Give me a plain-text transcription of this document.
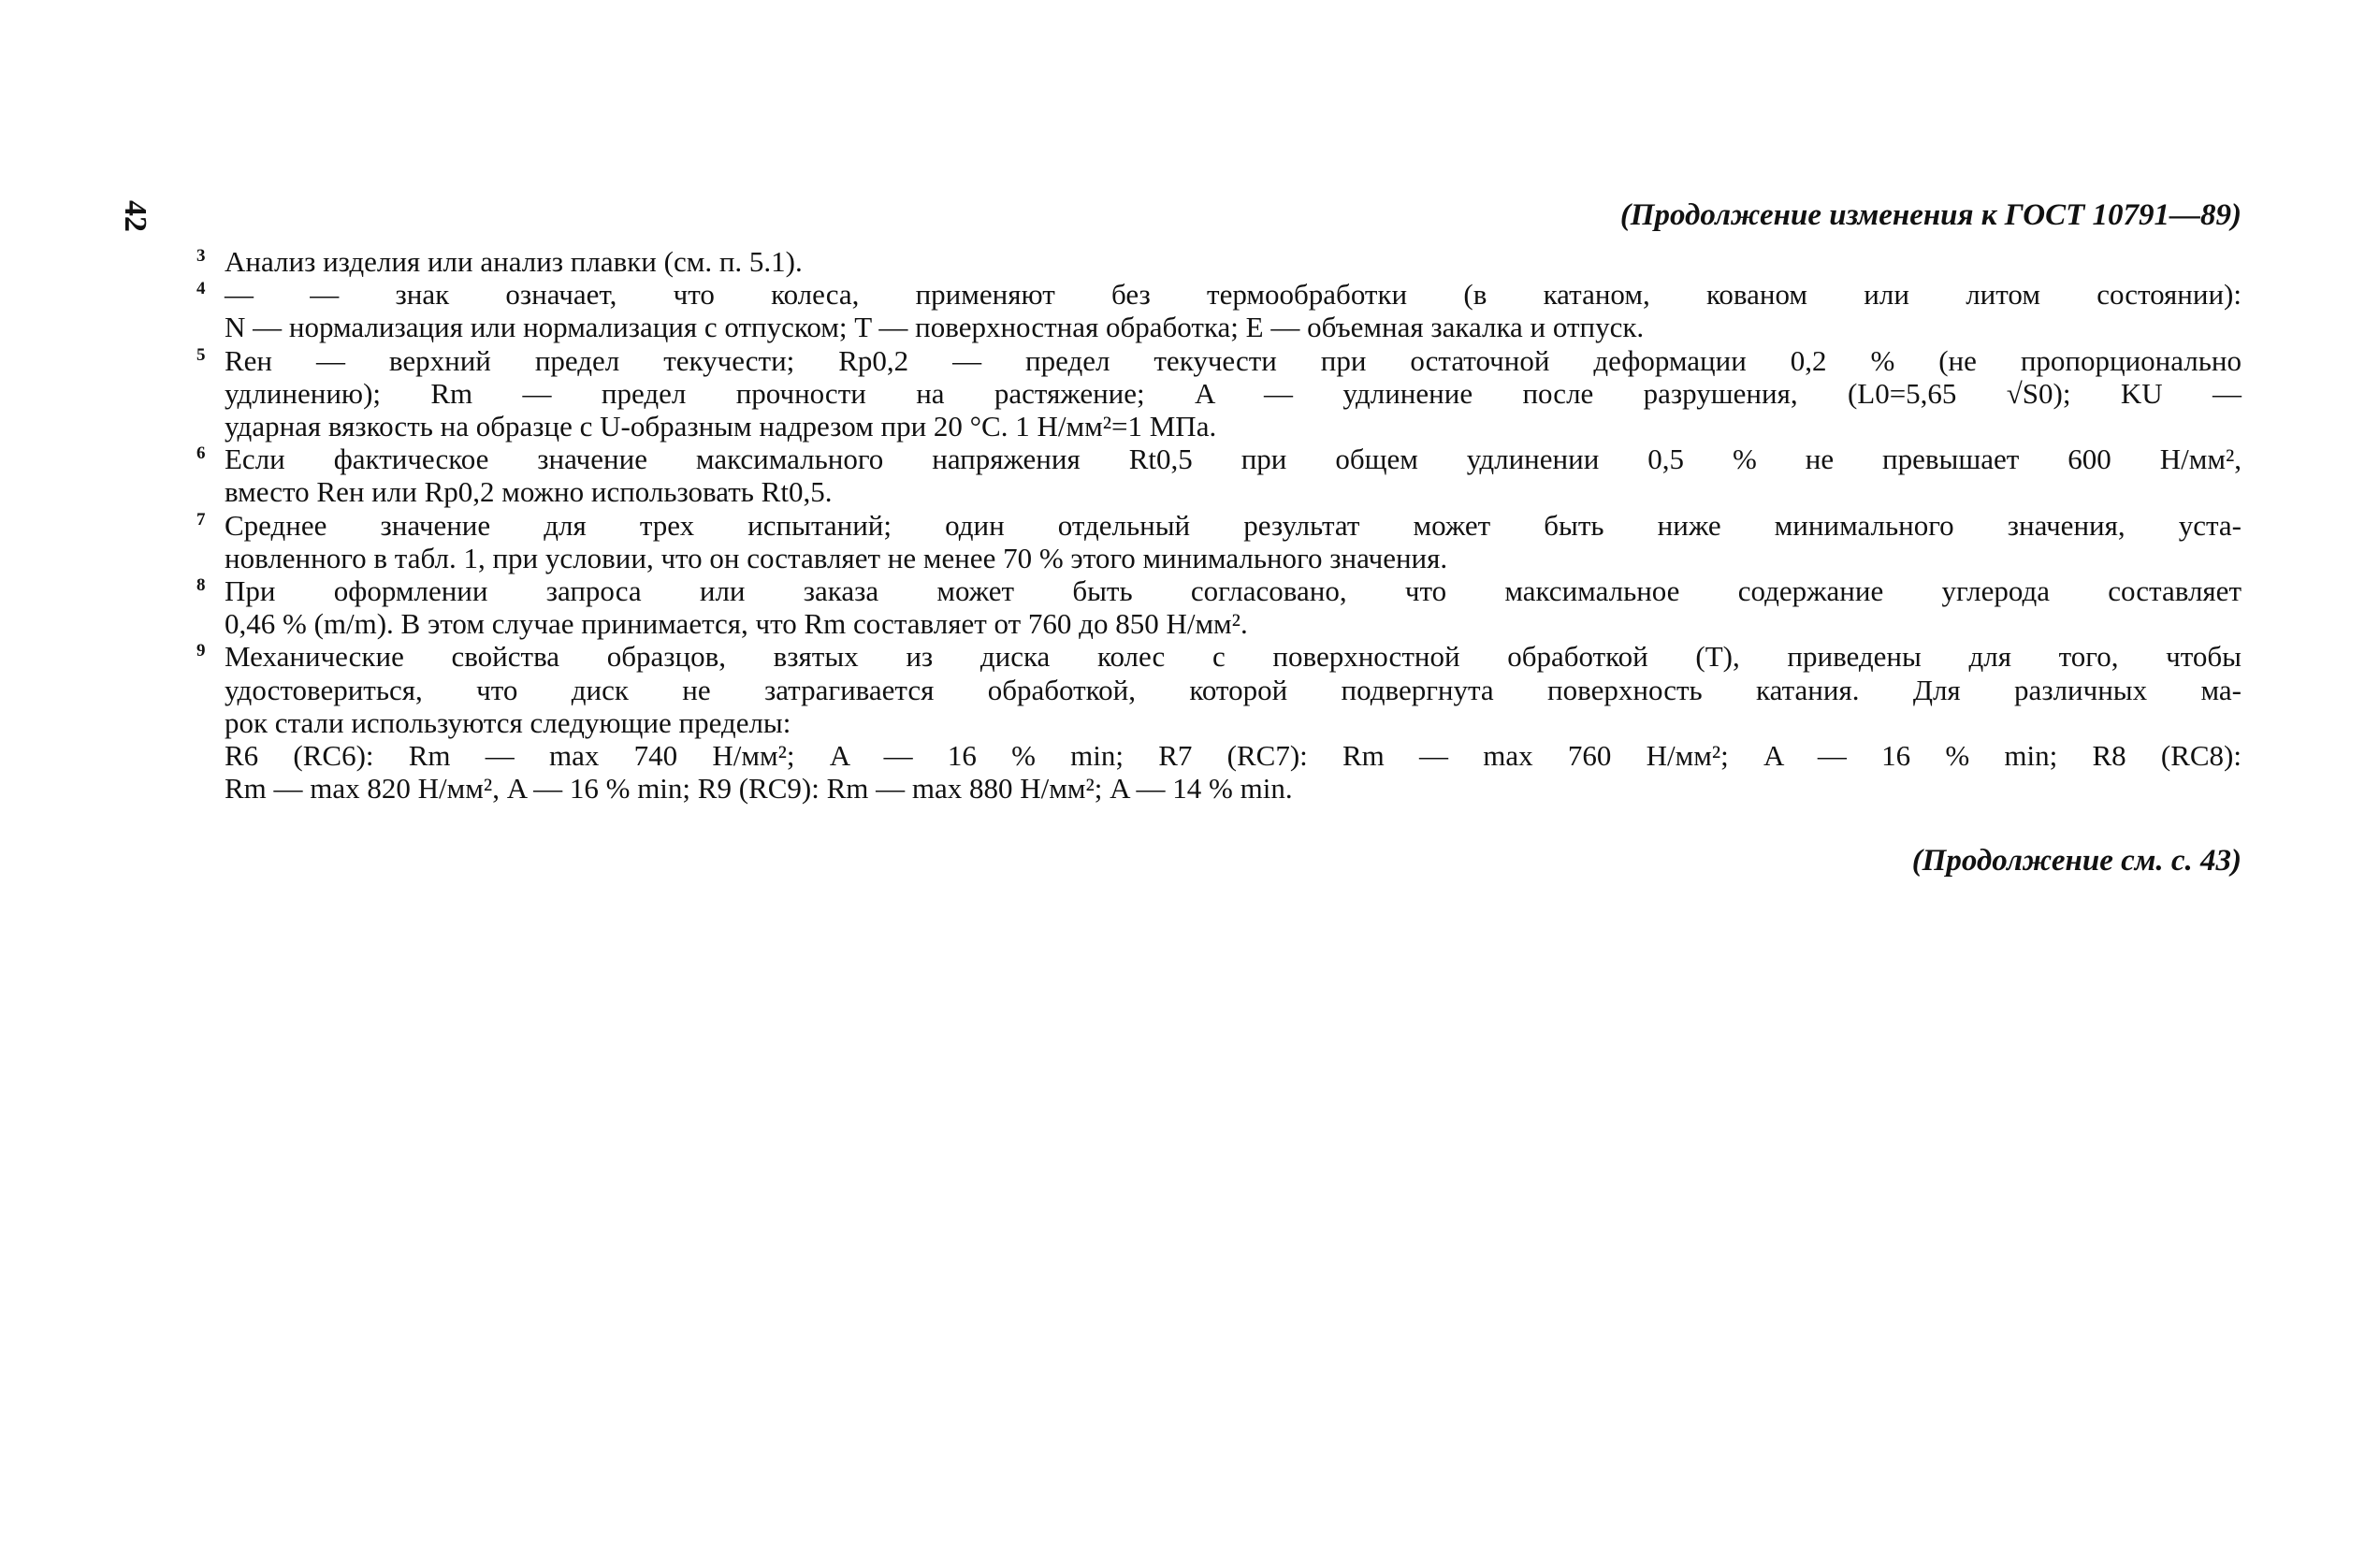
42	(Продолжение изменения к ГОСТ 10791—89)
3 Анализ изделия или анализ плавки (см. п. 5.1).
4 — — знак означает, что колеса, применяют без термообработки (в катаном, кованом или литом состоянии):
N — нормализация или нормализация с отпуском; T — поверхностная обработка; E — объемная закалка и отпуск.
5 Rен — верхний предел текучести; Rp0,2 — предел текучести при остаточной деформации 0,2 % (не пропорционально
удлинению); Rm — предел прочности на растяжение; A — удлинение после разрушения, (L0=5,65 √S0); KU —
ударная вязкость на образце с U-образным надрезом при 20 °C. 1 Н/мм²=1 МПа.
6 Если фактическое значение максимального напряжения Rt0,5 при общем удлинении 0,5 % не превышает 600 Н/мм²,
вместо Rен или Rp0,2 можно использовать Rt0,5.
7 Среднее значение для трех испытаний; один отдельный результат может быть ниже минимального значения, уста-
новленного в табл. 1, при условии, что он составляет не менее 70 % этого минимального значения.
8 При оформлении запроса или заказа может быть согласовано, что максимальное содержание углерода составляет
0,46 % (m/m). В этом случае принимается, что Rm составляет от 760 до 850 Н/мм².
9 Механические свойства образцов, взятых из диска колес с поверхностной обработкой (T), приведены для того, чтобы
удостовериться, что диск не затрагивается обработкой, которой подвергнута поверхность катания. Для различных ма-
рок стали используются следующие пределы:
R6 (RC6): Rm — max 740 Н/мм²; A — 16 % min; R7 (RC7): Rm — max 760 Н/мм²; A — 16 % min; R8 (RC8):
Rm — max 820 Н/мм², A — 16 % min; R9 (RC9): Rm — max 880 Н/мм²; A — 14 % min.
(Продолжение см. с. 43)
